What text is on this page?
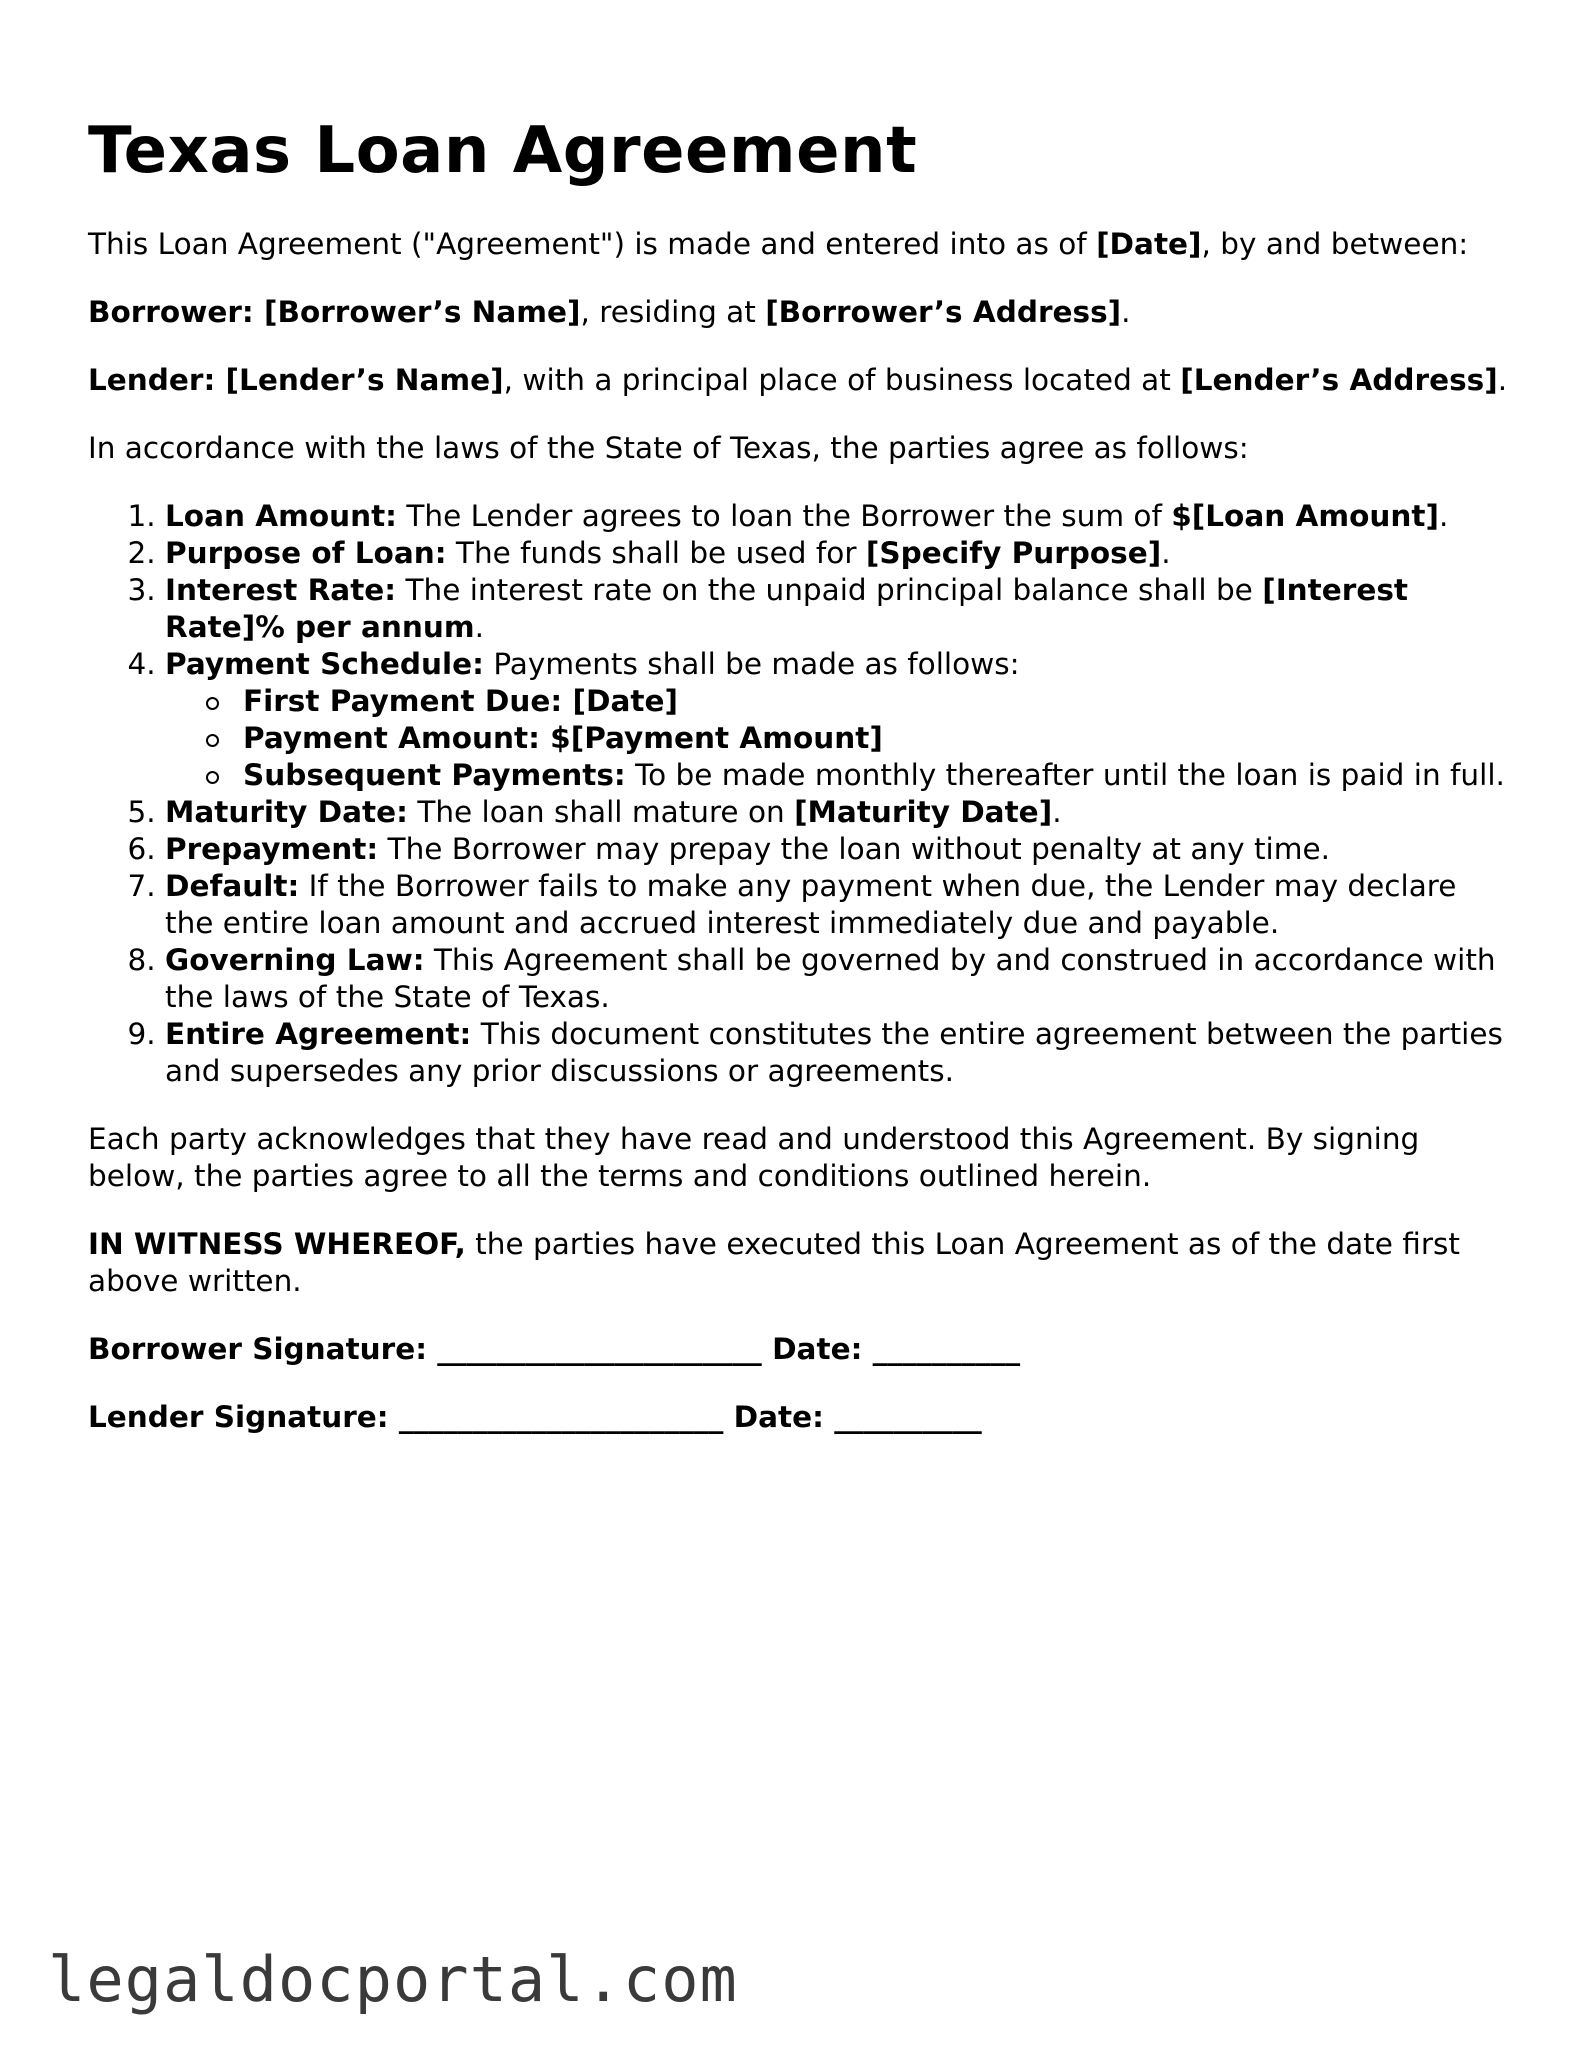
Texas Loan Agreement

This Loan Agreement ("Agreement") is made and entered into as of [Date], by and between:

Borrower: [Borrower’s Name], residing at [Borrower’s Address].

Lender: [Lender’s Name], with a principal place of business located at [Lender’s Address].

In accordance with the laws of the State of Texas, the parties agree as follows:

1. Loan Amount: The Lender agrees to loan the Borrower the sum of $[Loan Amount].
2. Purpose of Loan: The funds shall be used for [Specify Purpose].
3. Interest Rate: The interest rate on the unpaid principal balance shall be [Interest Rate]% per annum.
4. Payment Schedule: Payments shall be made as follows:
First Payment Due: [Date]
Payment Amount: $[Payment Amount]
Subsequent Payments: To be made monthly thereafter until the loan is paid in full.
5. Maturity Date: The loan shall mature on [Maturity Date].
6. Prepayment: The Borrower may prepay the loan without penalty at any time.
7. Default: If the Borrower fails to make any payment when due, the Lender may declare the entire loan amount and accrued interest immediately due and payable.
8. Governing Law: This Agreement shall be governed by and construed in accordance with the laws of the State of Texas.
9. Entire Agreement: This document constitutes the entire agreement between the parties and supersedes any prior discussions or agreements.

Each party acknowledges that they have read and understood this Agreement. By signing below, the parties agree to all the terms and conditions outlined herein.

IN WITNESS WHEREOF, the parties have executed this Loan Agreement as of the date first above written.

Borrower Signature: ______________________ Date: __________
Lender Signature: ______________________ Date: __________
legaldocportal.com
